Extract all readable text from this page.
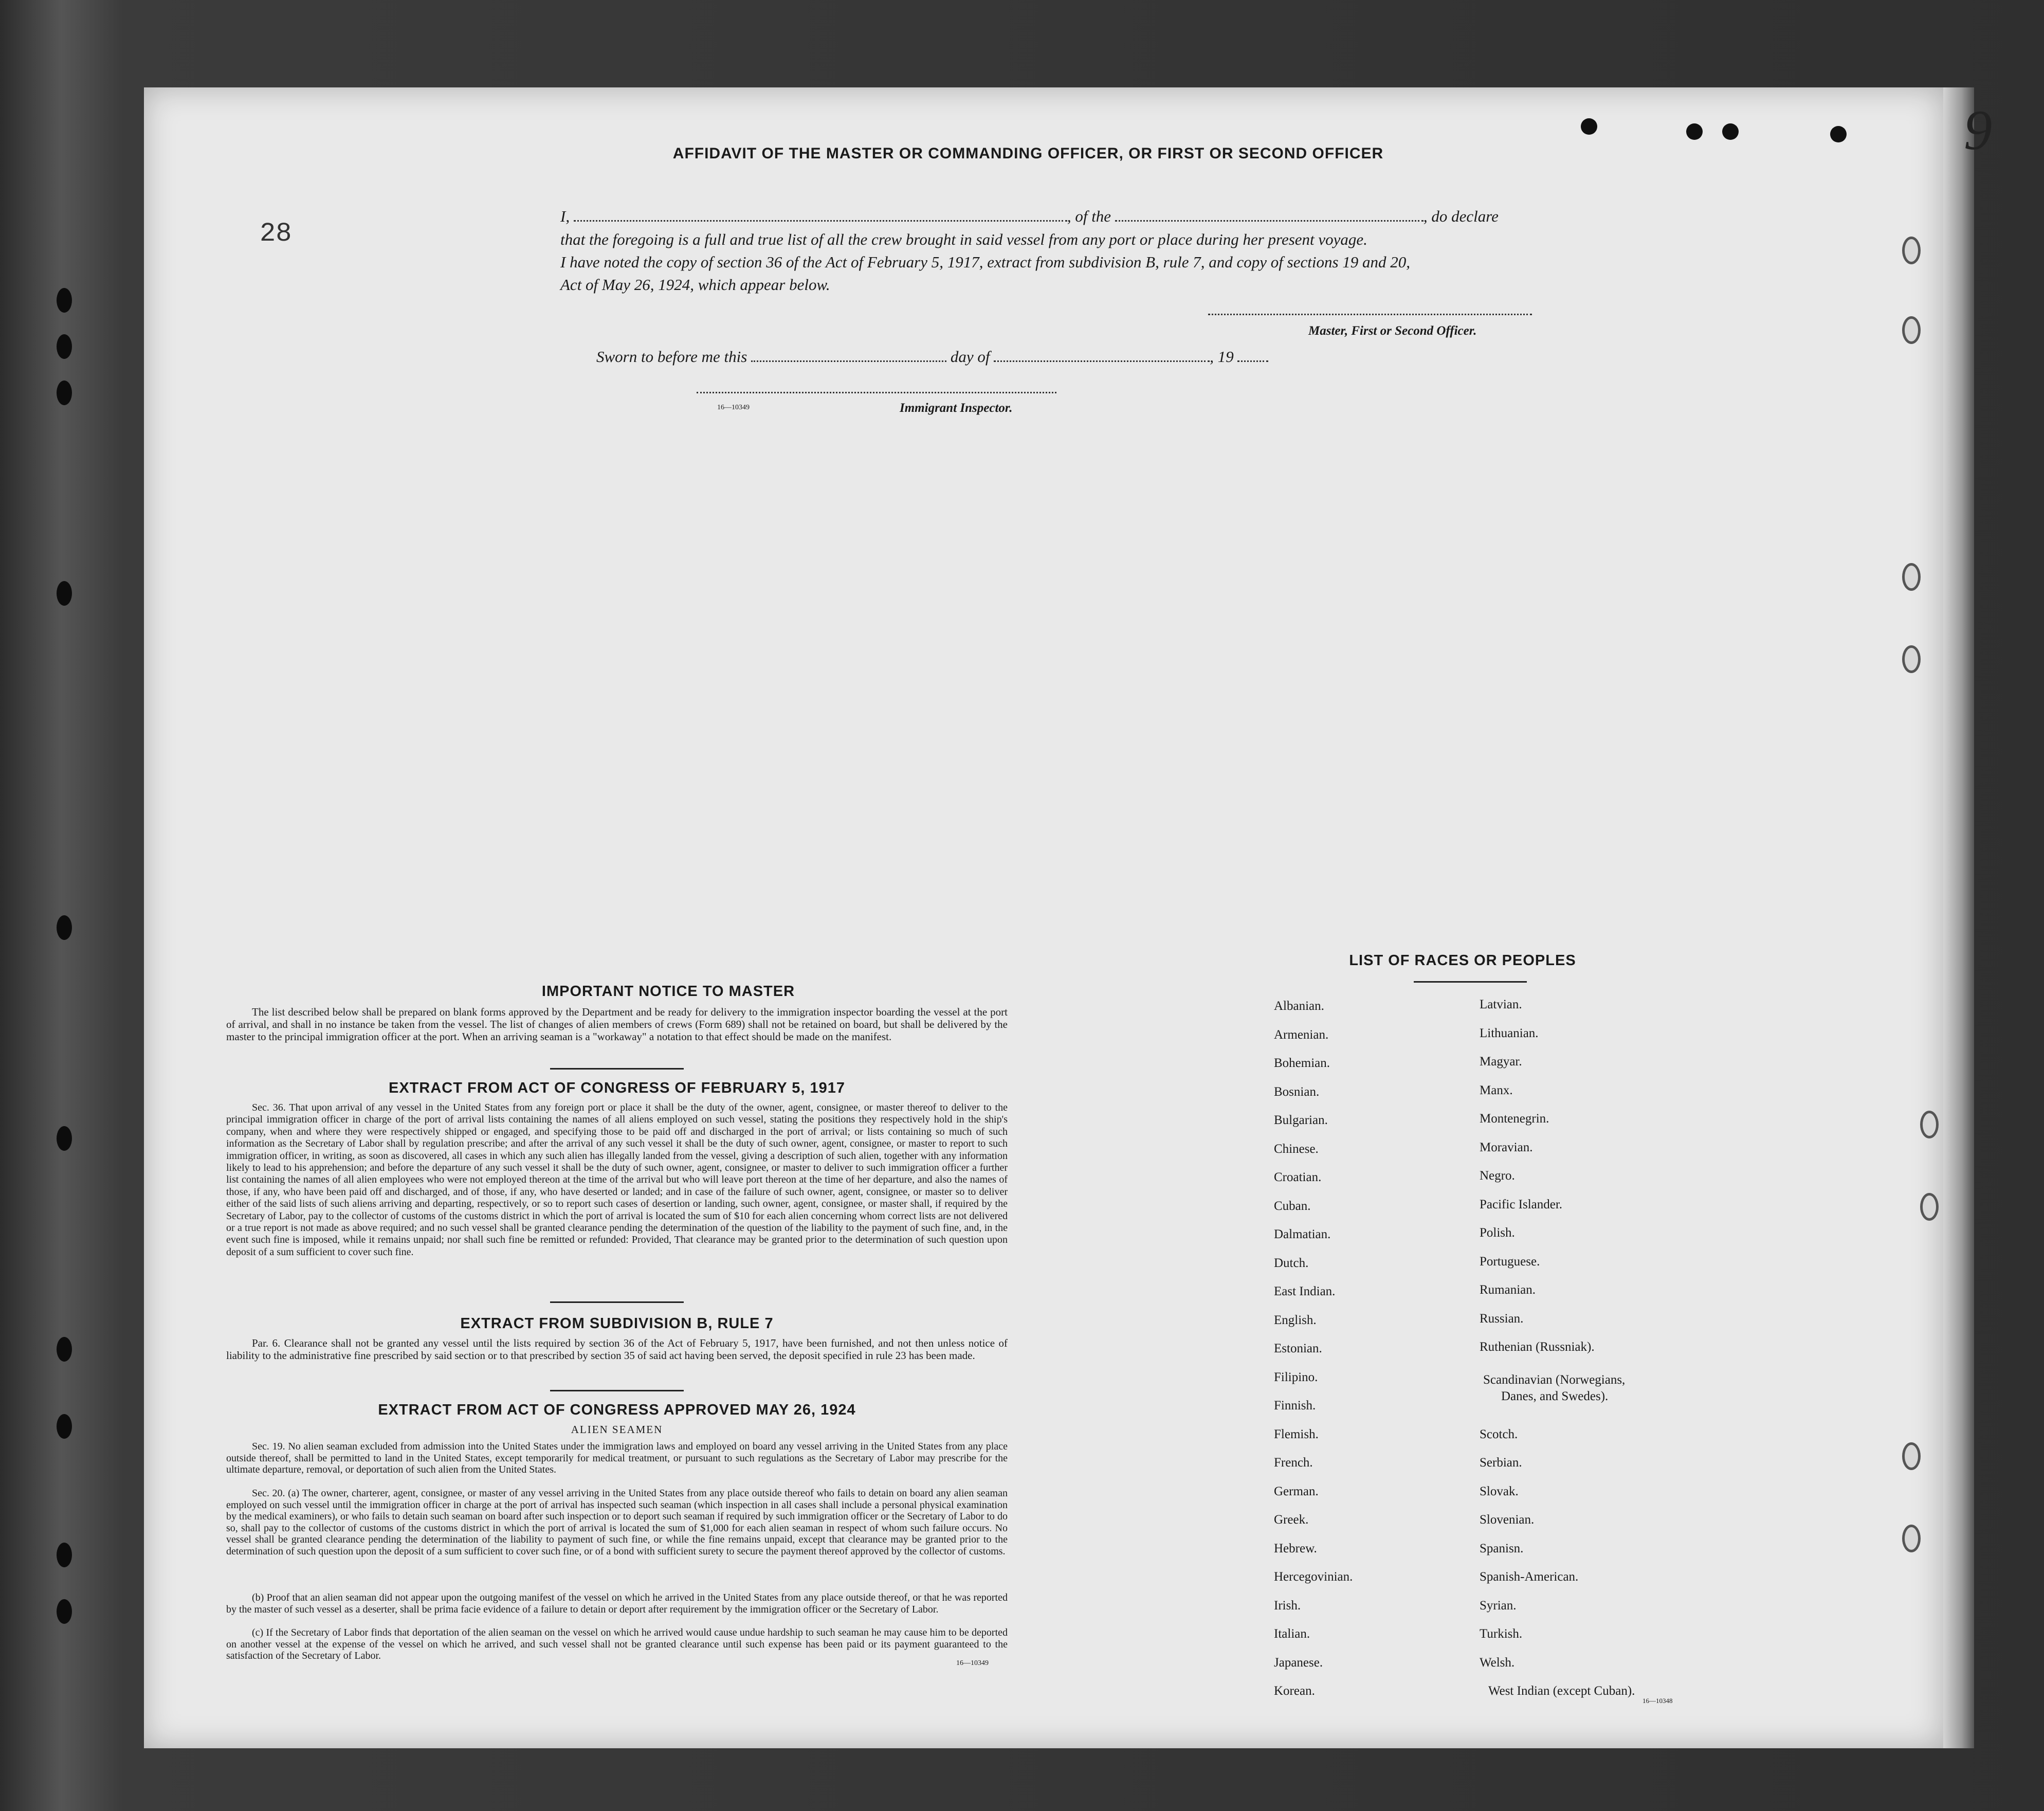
9
28
AFFIDAVIT OF THE MASTER OR COMMANDING OFFICER, OR FIRST OR SECOND OFFICER
I,	, of the	, do declare

that the foregoing is a full and true list of all the crew brought in said vessel from any port or place during her present voyage.

I have noted the copy of section 36 of the Act of February 5, 1917, extract from subdivision B, rule 7, and copy of sections 19 and 20,

Act of May 26, 1924, which appear below.

Master, First or Second Officer.
Sworn to before me this	day of	, 19
16—10349	Immigrant Inspector.
IMPORTANT NOTICE TO MASTER

The list described below shall be prepared on blank forms approved by the Department and be ready for delivery to the immigration inspector boarding the vessel at the port of arrival, and shall in no instance be taken from the vessel. The list of changes of alien members of crews (Form 689) shall not be retained on board, but shall be delivered by the master to the principal immigration officer at the port. When an arriving seaman is a "workaway" a notation to that effect should be made on the manifest.

EXTRACT FROM ACT OF CONGRESS OF FEBRUARY 5, 1917

Sec. 36. That upon arrival of any vessel in the United States from any foreign port or place it shall be the duty of the owner, agent, consignee, or master thereof to deliver to the principal immigration officer in charge of the port of arrival lists containing the names of all aliens employed on such vessel, stating the positions they respectively hold in the ship's company, when and where they were respectively shipped or engaged, and specifying those to be paid off and discharged in the port of arrival; or lists containing so much of such information as the Secretary of Labor shall by regulation prescribe; and after the arrival of any such vessel it shall be the duty of such owner, agent, consignee, or master to report to such immigration officer, in writing, as soon as discovered, all cases in which any such alien has illegally landed from the vessel, giving a description of such alien, together with any information likely to lead to his apprehension; and before the departure of any such vessel it shall be the duty of such owner, agent, consignee, or master to deliver to such immigration officer a further list containing the names of all alien employees who were not employed thereon at the time of the arrival but who will leave port thereon at the time of her departure, and also the names of those, if any, who have been paid off and discharged, and of those, if any, who have deserted or landed; and in case of the failure of such owner, agent, consignee, or master so to deliver either of the said lists of such aliens arriving and departing, respectively, or so to report such cases of desertion or landing, such owner, agent, consignee, or master shall, if required by the Secretary of Labor, pay to the collector of customs of the customs district in which the port of arrival is located the sum of $10 for each alien concerning whom correct lists are not delivered or a true report is not made as above required; and no such vessel shall be granted clearance pending the determination of the question of the liability to the payment of such fine, and, in the event such fine is imposed, while it remains unpaid; nor shall such fine be remitted or refunded: Provided, That clearance may be granted prior to the determination of such question upon deposit of a sum sufficient to cover such fine.

EXTRACT FROM SUBDIVISION B, RULE 7

Par. 6. Clearance shall not be granted any vessel until the lists required by section 36 of the Act of February 5, 1917, have been furnished, and not then unless notice of liability to the administrative fine prescribed by said section or to that prescribed by section 35 of said act having been served, the deposit specified in rule 23 has been made.

EXTRACT FROM ACT OF CONGRESS APPROVED MAY 26, 1924
ALIEN SEAMEN

Sec. 19. No alien seaman excluded from admission into the United States under the immigration laws and employed on board any vessel arriving in the United States from any place outside thereof, shall be permitted to land in the United States, except temporarily for medical treatment, or pursuant to such regulations as the Secretary of Labor may prescribe for the ultimate departure, removal, or deportation of such alien from the United States.

Sec. 20. (a) The owner, charterer, agent, consignee, or master of any vessel arriving in the United States from any place outside thereof who fails to detain on board any alien seaman employed on such vessel until the immigration officer in charge at the port of arrival has inspected such seaman (which inspection in all cases shall include a personal physical examination by the medical examiners), or who fails to detain such seaman on board after such inspection or to deport such seaman if required by such immigration officer or the Secretary of Labor to do so, shall pay to the collector of customs of the customs district in which the port of arrival is located the sum of $1,000 for each alien seaman in respect of whom such failure occurs. No vessel shall be granted clearance pending the determination of the liability to payment of such fine, or while the fine remains unpaid, except that clearance may be granted prior to the determination of such question upon the deposit of a sum sufficient to cover such fine, or of a bond with sufficient surety to secure the payment thereof approved by the collector of customs.

(b) Proof that an alien seaman did not appear upon the outgoing manifest of the vessel on which he arrived in the United States from any place outside thereof, or that he was reported by the master of such vessel as a deserter, shall be prima facie evidence of a failure to detain or deport after requirement by the immigration officer or the Secretary of Labor.

(c) If the Secretary of Labor finds that deportation of the alien seaman on the vessel on which he arrived would cause undue hardship to such seaman he may cause him to be deported on another vessel at the expense of the vessel on which he arrived, and such vessel shall not be granted clearance until such expense has been paid or its payment guaranteed to the satisfaction of the Secretary of Labor.

16—10349
LIST OF RACES OR PEOPLES
Albanian.
Armenian.
Bohemian.
Bosnian.
Bulgarian.
Chinese.
Croatian.
Cuban.
Dalmatian.
Dutch.
East Indian.
English.
Estonian.
Filipino.
Finnish.
Flemish.
French.
German.
Greek.
Hebrew.
Hercegovinian.
Irish.
Italian.
Japanese.
Korean.
Latvian.
Lithuanian.
Magyar.
Manx.
Montenegrin.
Moravian.
Negro.
Pacific Islander.
Polish.
Portuguese.
Rumanian.
Russian.
Ruthenian (Russniak).
Scandinavian (Norwegians,
Danes, and Swedes).
Scotch.
Serbian.
Slovak.
Slovenian.
Spanisn.
Spanish-American.
Syrian.
Turkish.
Welsh.
West Indian (except Cuban).
16—10348
